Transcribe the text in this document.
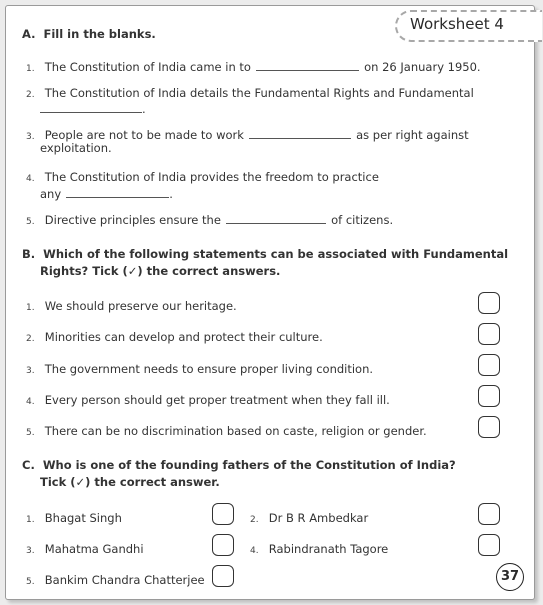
Worksheet 4
A. Fill in the blanks.
1. The Constitution of India came in to	on 26 January 1950.
2. The Constitution of India details the Fundamental Rights and Fundamental
.
3. People are not to be made to work	as per right against
exploitation.
4. The Constitution of India provides the freedom to practice
any	.
5. Directive principles ensure the	of citizens.
B. Which of the following statements can be associated with Fundamental
Rights? Tick (✓) the correct answers.
1. We should preserve our heritage.
2. Minorities can develop and protect their culture.
3. The government needs to ensure proper living condition.
4. Every person should get proper treatment when they fall ill.
5. There can be no discrimination based on caste, religion or gender.
C. Who is one of the founding fathers of the Constitution of India?
Tick (✓) the correct answer.
1. Bhagat Singh	2. Dr B R Ambedkar
3. Mahatma Gandhi	4. Rabindranath Tagore
5. Bankim Chandra Chatterjee	37
